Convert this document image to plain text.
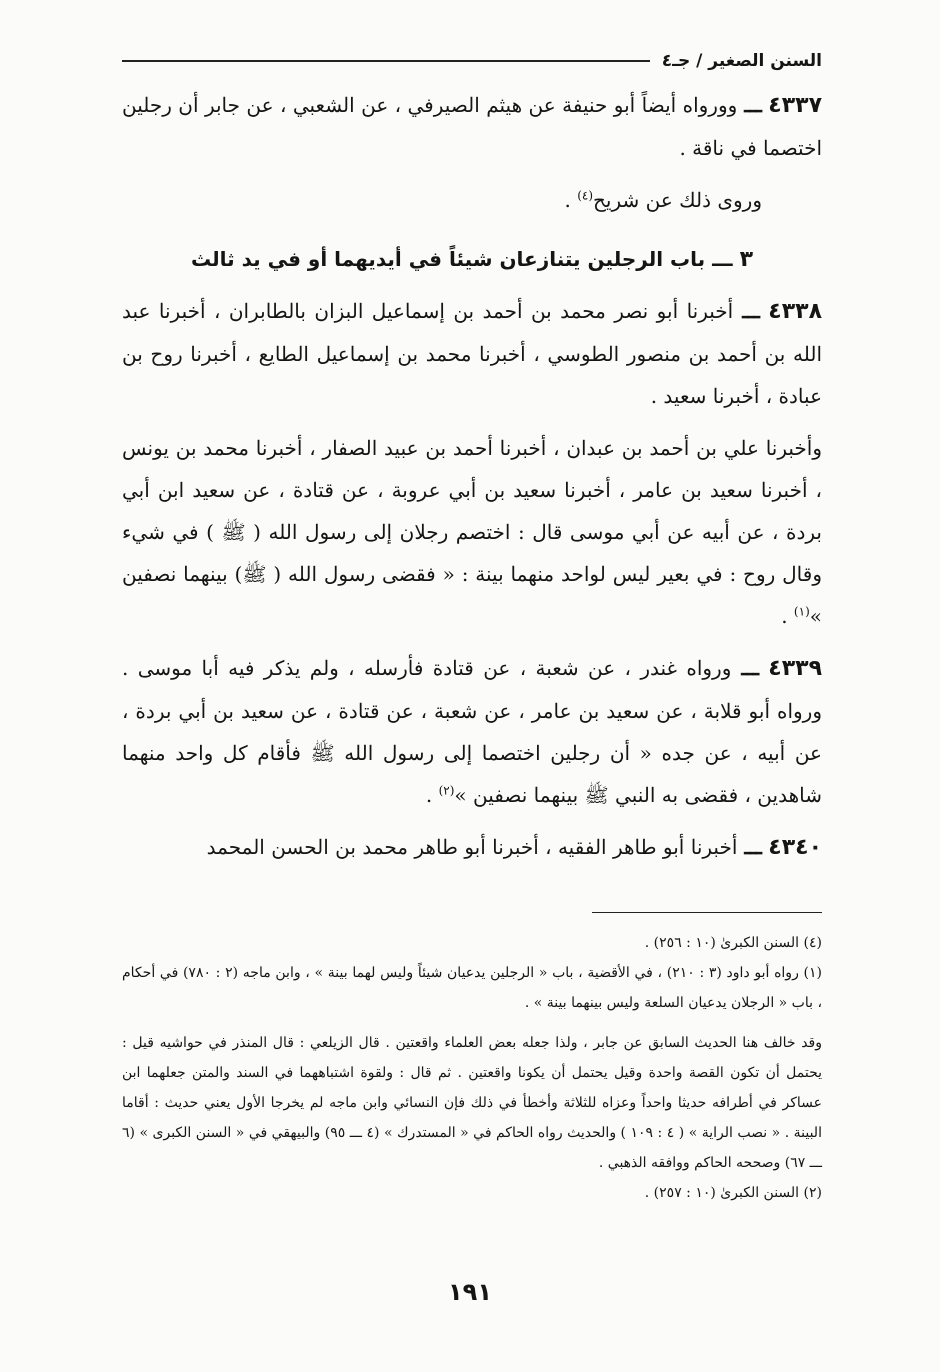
السنن الصغير / جـ٤

٤٣٣٧ ـــ وورواه أيضاً أبو حنيفة عن هيثم الصيرفي ، عن الشعبي ، عن جابر أن رجلين اختصما في ناقة .

وروى ذلك عن شريح$^{(٤)}$ .

٣ ـــ باب الرجلين يتنازعان شيئاً في أيديهما أو في يد ثالث

٤٣٣٨ ـــ أخبرنا أبو نصر محمد بن أحمد بن إسماعيل البزان بالطابران ، أخبرنا عبد الله بن أحمد بن منصور الطوسي ، أخبرنا محمد بن إسماعيل الطايع ، أخبرنا روح بن عبادة ، أخبرنا سعيد .

وأخبرنا علي بن أحمد بن عبدان ، أخبرنا أحمد بن عبيد الصفار ، أخبرنا محمد بن يونس ، أخبرنا سعيد بن عامر ، أخبرنا سعيد بن أبي عروبة ، عن قتادة ، عن سعيد ابن أبي بردة ، عن أبيه عن أبي موسى قال : اختصم رجلان إلى رسول الله ( ﷺ ) في شيء وقال روح : في بعير ليس لواحد منهما بينة : « فقضى رسول الله ( ﷺ) بينهما نصفين »$^{(١)}$ .

٤٣٣٩ ـــ ورواه غندر ، عن شعبة ، عن قتادة فأرسله ، ولم يذكر فيه أبا موسى . ورواه أبو قلابة ، عن سعيد بن عامر ، عن شعبة ، عن قتادة ، عن سعيد بن أبي بردة ، عن أبيه ، عن جده « أن رجلين اختصما إلى رسول الله ﷺ فأقام كل واحد منهما شاهدين ، فقضى به النبي ﷺ بينهما نصفين »$^{(٢)}$ .

٤٣٤٠ ـــ أخبرنا أبو طاهر الفقيه ، أخبرنا أبو طاهر محمد بن الحسن المحمد

(٤) السنن الكبرىٰ (١٠ : ٢٥٦) .

(١) رواه أبو داود (٣ : ٢١٠) ، في الأقضية ، باب « الرجلين يدعيان شيئاً وليس لهما بينة » ، وابن ماجه (٢ : ٧٨٠) في أحكام ، باب « الرجلان يدعيان السلعة وليس بينهما بينة » .

وقد خالف هنا الحديث السابق عن جابر ، ولذا جعله بعض العلماء واقعتين . قال الزيلعي : قال المنذر في حواشيه قيل : يحتمل أن تكون القصة واحدة وقيل يحتمل أن يكونا واقعتين . ثم قال : ولقوة اشتباههما في السند والمتن جعلهما ابن عساكر في أطرافه حديثا واحداً وعزاه للثلاثة وأخطأ في ذلك فإن النسائي وابن ماجه لم يخرجا الأول يعني حديث : أقاما البينة . « نصب الراية » ( ٤ : ١٠٩ ) والحديث رواه الحاكم في « المستدرك » (٤ ـــ ٩٥) والبيهقي في « السنن الكبرى » (٦ ـــ ٦٧) وصححه الحاكم ووافقه الذهبي .

(٢) السنن الكبرىٰ (١٠ : ٢٥٧) .

١٩١
